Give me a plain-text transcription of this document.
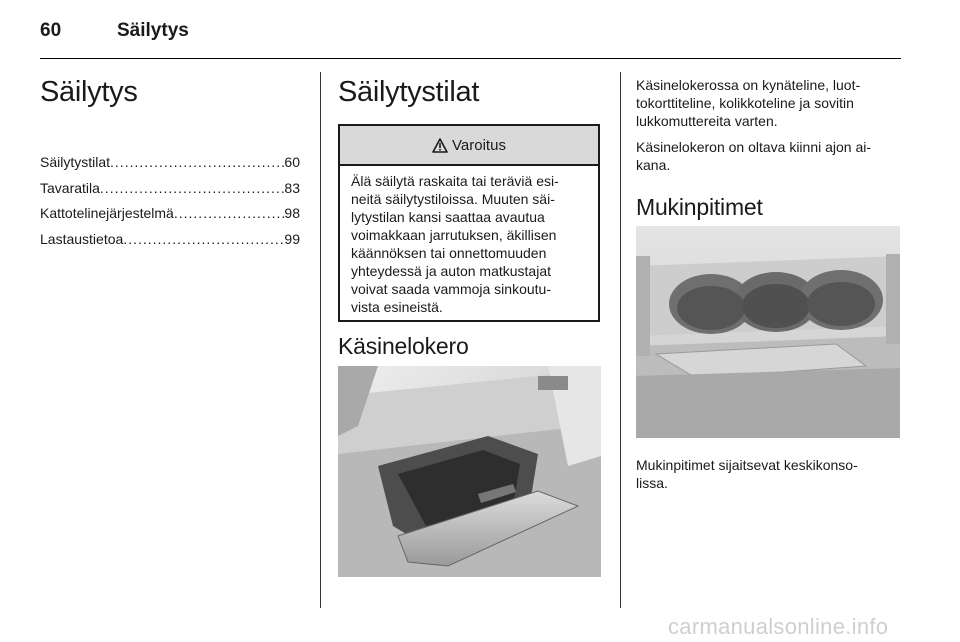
60	Säilytys
Säilytys
Säilytystilat .....	60
Tavaratila .....	83
Kattotelinejärjestelmä .....	98
Lastaustietoa .....	99
Säilytystilat
Varoitus
Älä säilytä raskaita tai teräviä esi-
neitä säilytystiloissa. Muuten säi-
lytystilan kansi saattaa avautua
voimakkaan jarrutuksen, äkillisen
käännöksen tai onnettomuuden
yhteydessä ja auton matkustajat
voivat saada vammoja sinkoutu-
vista esineistä.
Käsinelokero
Käsinelokerossa on kynäteline, luot-
tokorttiteline, kolikkoteline ja sovitin
lukkomuttereita varten.
Käsinelokeron on oltava kiinni ajon ai-
kana.
Mukinpitimet
Mukinpitimet sijaitsevat keskikonso-
lissa.
carmanualsonline.info
